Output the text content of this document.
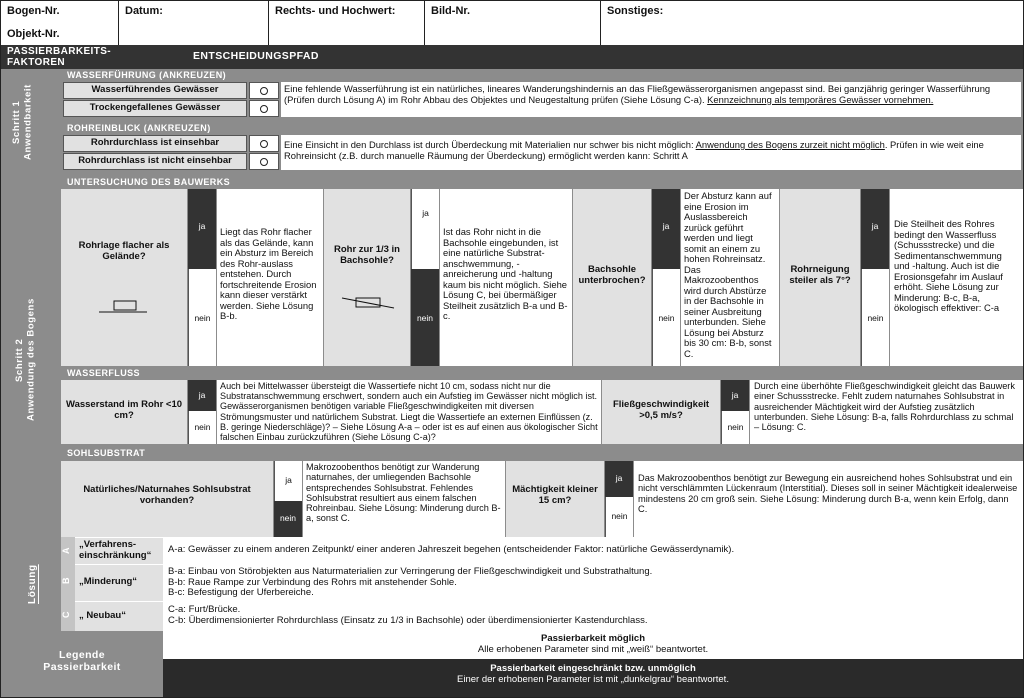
Bogen-Nr.
Objekt-Nr.
Datum:	Rechts- und Hochwert:	Bild-Nr.	Sonstiges:
PASSIERBARKEITS-
FAKTOREN
ENTSCHEIDUNGSPFAD
Schritt 1
Anwendbarkeit
WASSERFÜHRUNG (ANKREUZEN)
Wasserführendes Gewässer
Trockengefallenes Gewässer
Eine fehlende Wasserführung ist ein natürliches, lineares Wanderungshindernis an das Fließgewässerorganismen angepasst sind. Bei ganzjährig geringer Wasserführung (Prüfen durch Lösung A) im Rohr Abbau des Objektes und Neugestaltung prüfen (Siehe Lösung C-a). Kennzeichnung als temporäres Gewässer vornehmen.
ROHREINBLICK (ANKREUZEN)
Rohrdurchlass ist einsehbar
Rohrdurchlass ist nicht einsehbar
Eine Einsicht in den Durchlass ist durch Überdeckung mit Materialien nur schwer bis nicht möglich: Anwendung des Bogens zurzeit nicht möglich. Prüfen in wie weit eine Rohreinsicht (z.B. durch manuelle Räumung der Überdeckung) ermöglicht werden kann: Schritt A
Schritt 2
Anwendung des Bogens
UNTERSUCHUNG DES BAUWERKS
Rohrlage flacher als Gelände?
ja
nein
Liegt das Rohr flacher als das Gelände, kann ein Absturz im Bereich des Rohr-auslass entstehen. Durch fortschreitende Erosion kann dieser verstärkt werden. Siehe Lösung B-b.
Rohr zur 1/3 in Bachsohle?
ja
nein
Ist das Rohr nicht in die Bachsohle eingebunden, ist eine natürliche Substrat-anschwemmung, -anreicherung und -haltung kaum bis nicht möglich. Siehe Lösung C, bei übermäßiger Steilheit zusätzlich B-a und B-c.
Bachsohle unterbrochen?
ja
nein
Der Absturz kann auf eine Erosion im Auslassbereich zurück geführt werden und liegt somit an einem zu hohen Rohreinsatz. Das Makrozoobenthos wird durch Abstürze in der Bachsohle in seiner Ausbreitung unterbunden. Siehe Lösung bei Absturz bis 30 cm: B-b, sonst C.
Rohrneigung steiler als 7°?
ja
nein
Die Steilheit des Rohres bedingt den Wasserfluss (Schussstrecke) und die Sedimentanschwemmung und -haltung. Auch ist die Erosionsgefahr im Auslauf erhöht. Siehe Lösung zur Minderung: B-c, B-a, ökologisch effektiver: C-a
WASSERFLUSS
Wasserstand im Rohr <10 cm?
ja
nein
Auch bei Mittelwasser übersteigt die Wassertiefe nicht 10 cm, sodass nicht nur die Substratanschwemmung erschwert, sondern auch ein Aufstieg im Gewässer nicht möglich ist. Gewässerorganismen benötigen variable Fließgeschwindigkeiten mit diversen Strömungsmuster und natürlichem Substrat. Liegt die Wassertiefe an externen Einflüssen (z. B. geringe Niederschläge)? – Siehe Lösung A-a – oder ist es auf einen aus ökologischer Sicht falschen Einbau zurückzuführen (Siehe Lösung C-a)?
Fließgeschwindigkeit >0,5 m/s?
ja
nein
Durch eine überhöhte Fließgeschwindigkeit gleicht das Bauwerk einer Schussstrecke. Fehlt zudem naturnahes Sohlsubstrat in ausreichender Mächtigkeit wird der Aufstieg zusätzlich unterbunden. Siehe Lösung: B-a, falls Rohrdurchlass zu schmal – Lösung: C.
SOHLSUBSTRAT
Natürliches/Naturnahes Sohlsubstrat vorhanden?
ja
nein
Makrozoobenthos benötigt zur Wanderung naturnahes, der umliegenden Bachsohle entsprechendes Sohlsubstrat. Fehlendes Sohlsubstrat resultiert aus einem falschen Rohreinbau. Siehe Lösung: Minderung durch B-a, sonst C.
Mächtigkeit kleiner 15 cm?
ja
nein
Das Makrozoobenthos benötigt zur Bewegung ein ausreichend hohes Sohlsubstrat und ein nicht verschlämmten Lückenraum (Interstitial). Dieses soll in seiner Mächtigkeit idealerweise mindestens 20 cm groß sein. Siehe Lösung: Minderung durch B-a, wenn kein Erfolg, dann C.
Lösung
A
B
C
„Verfahrens-
einschränkung“
A-a: Gewässer zu einem anderen Zeitpunkt/ einer anderen Jahreszeit begehen (entscheidender Faktor: natürliche Gewässerdynamik).
„Minderung“
B-a: Einbau von Störobjekten aus Naturmaterialien zur Verringerung der Fließgeschwindigkeit und Substrathaltung.
B-b: Raue Rampe zur Verbindung des Rohrs mit anstehender Sohle.
B-c: Befestigung der Uferbereiche.
„ Neubau“
C-a: Furt/Brücke.
C-b: Überdimensionierter Rohrdurchlass (Einsatz zu 1/3 in Bachsohle) oder überdimensionierter Kastendurchlass.
Legende
Passierbarkeit
Passierbarkeit möglich
Alle erhobenen Parameter sind mit „weiß“ beantwortet.
Passierbarkeit eingeschränkt bzw. unmöglich
Einer der erhobenen Parameter ist mit „dunkelgrau“ beantwortet.
